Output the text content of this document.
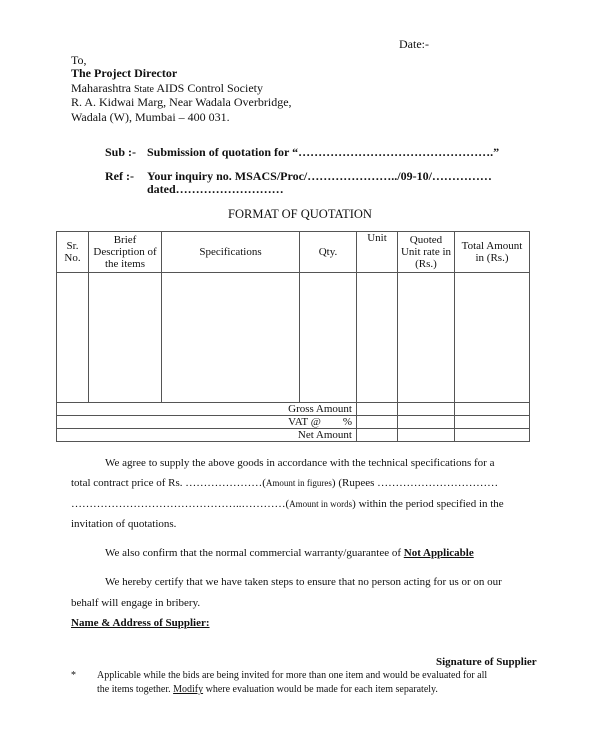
Date:-
To,
The Project Director
Maharashtra State AIDS Control Society
R. A. Kidwai Marg, Near Wadala Overbridge,
Wadala (W), Mumbai – 400 031.
Sub :- Submission of quotation for “………………………………………….”
Ref :- Your inquiry no. MSACS/Proc/…………………../09-10/……………
dated………………………
FORMAT OF QUOTATION
Sr. No.	Brief Description of the items	Specifications	Qty.	Unit	Quoted Unit rate in (Rs.)	Total Amount in (Rs.)

Gross Amount						
VAT @        %						
Net Amount						
We agree to supply the above goods in accordance with the technical specifications for a
total contract price of Rs. …………………(Amount in figures) (Rupees ……………………………
………………………………………..…………(Amount in words) within the period specified in the
invitation of quotations.
We also confirm that the normal commercial warranty/guarantee of Not Applicable
We hereby certify that we have taken steps to ensure that no person acting for us or on our
behalf will engage in bribery.
Name & Address of Supplier:
Signature of Supplier
* Applicable while the bids are being invited for more than one item and would be evaluated for all
the items together. Modify where evaluation would be made for each item separately.
